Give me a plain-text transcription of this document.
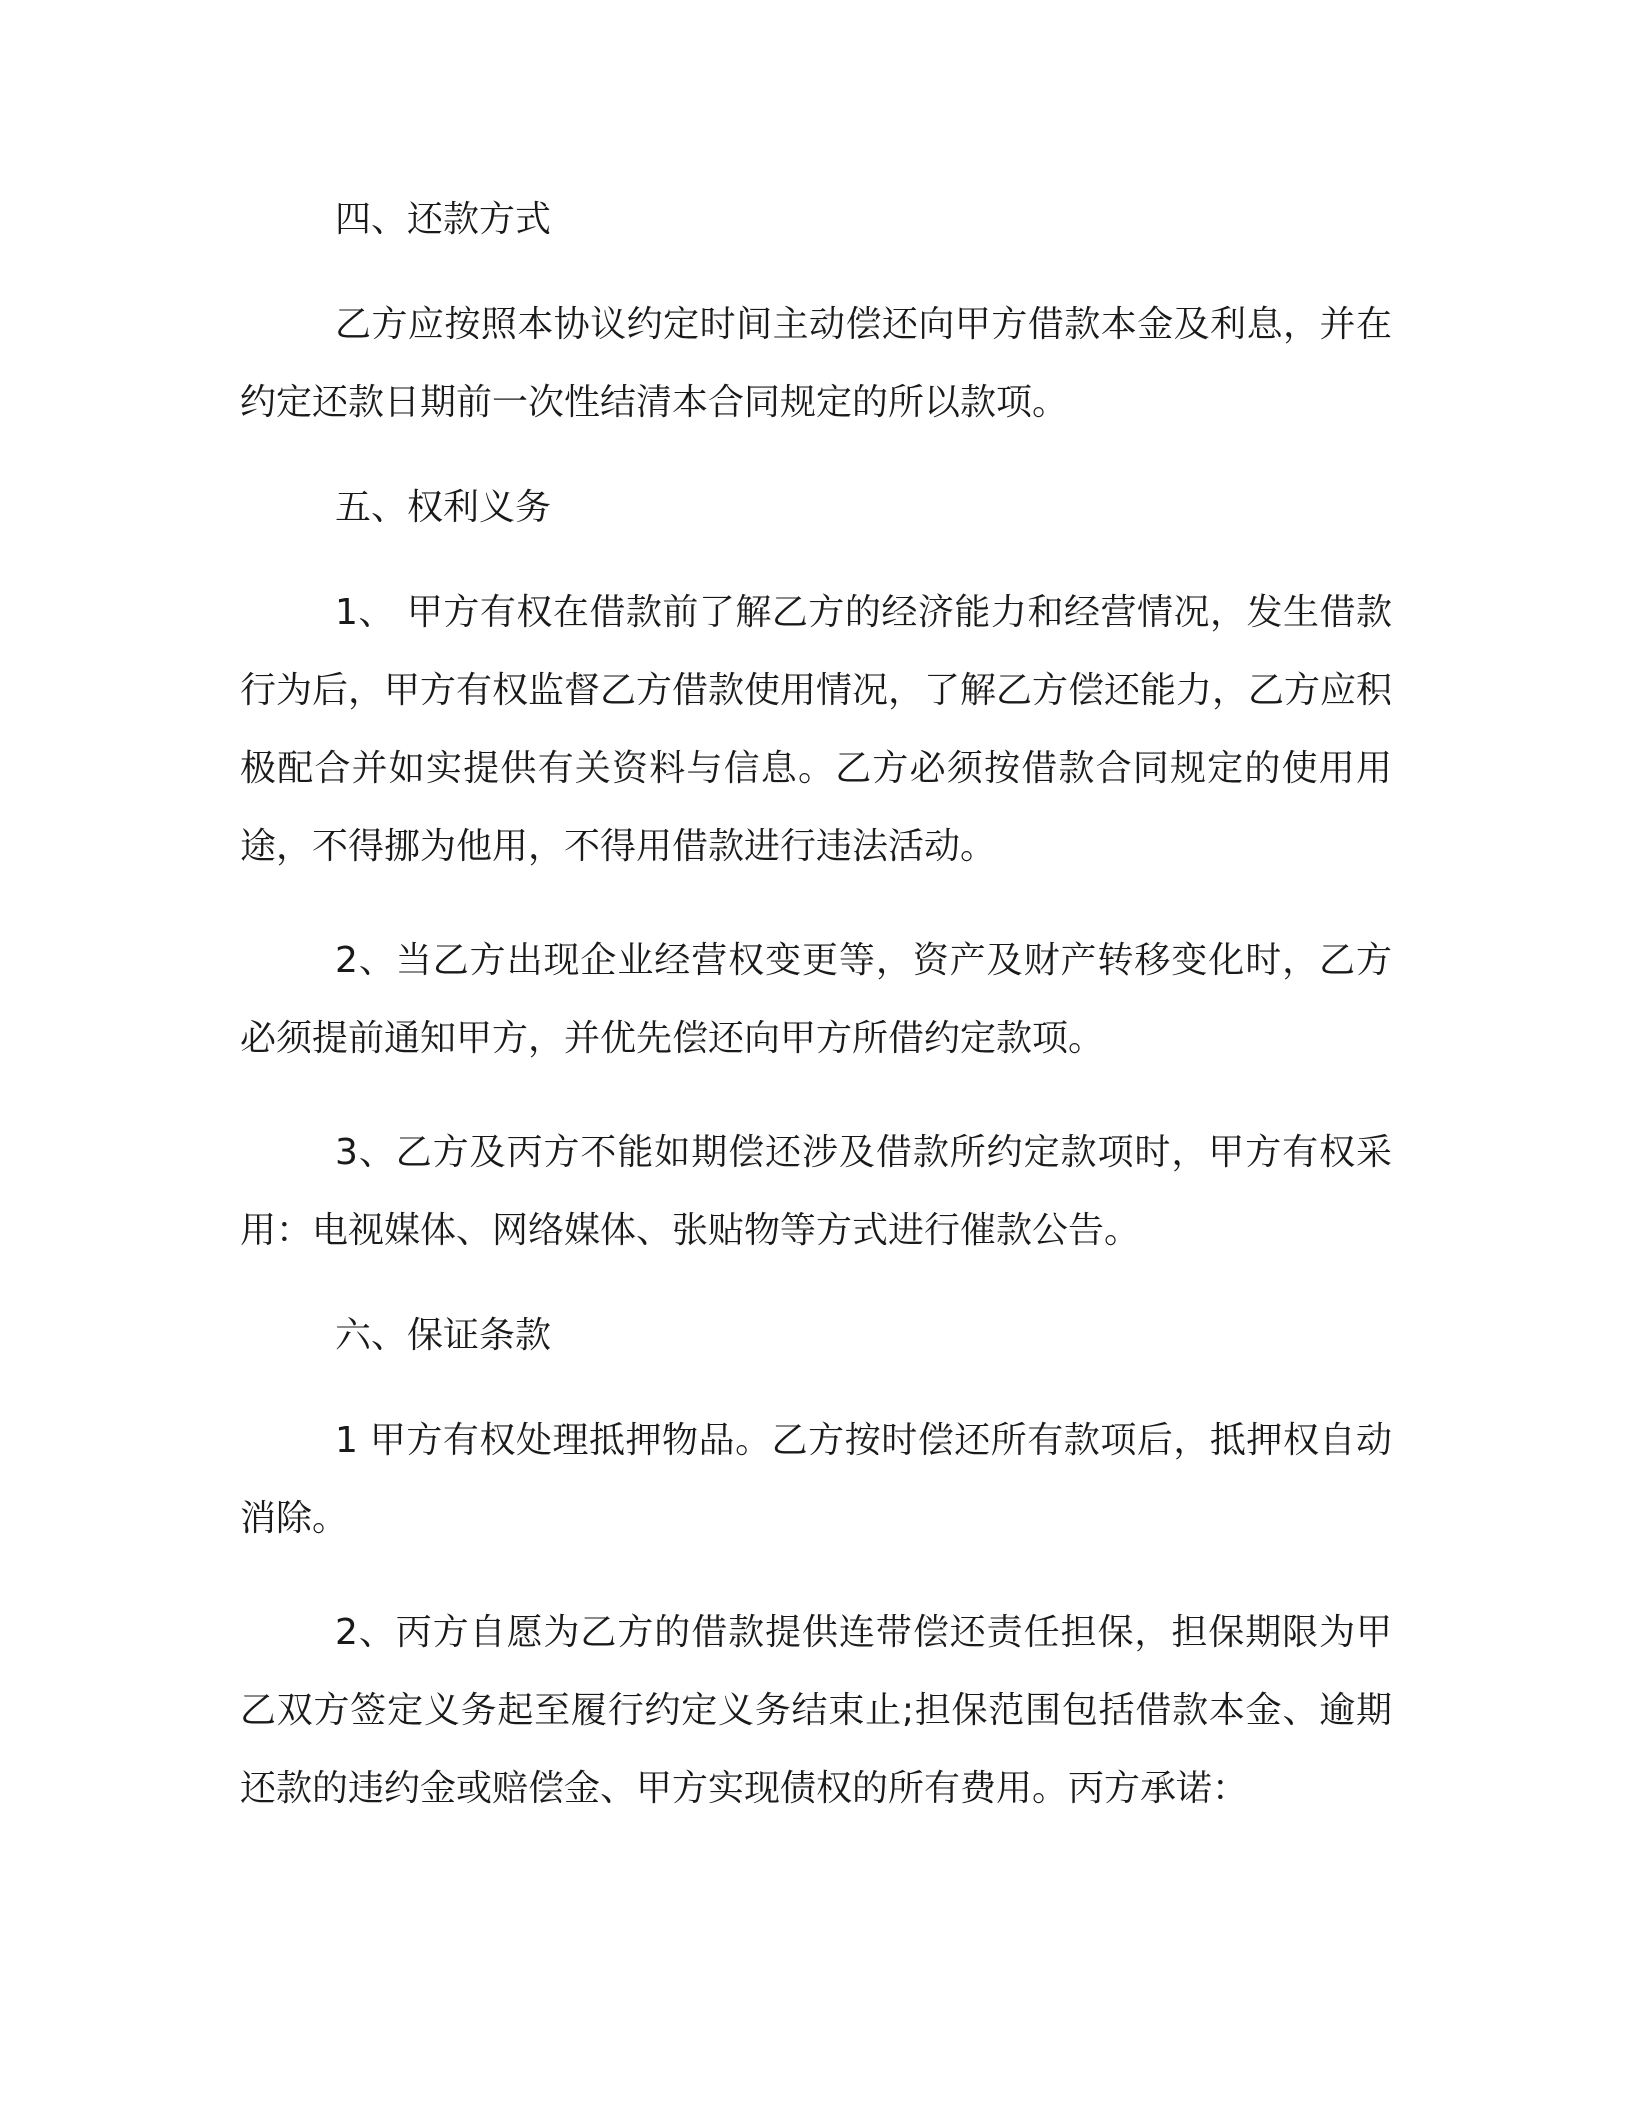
四、还款方式

乙方应按照本协议约定时间主动偿还向甲方借款本金及利息，并在约定还款日期前一次性结清本合同规定的所以款项。

五、权利义务

1、 甲方有权在借款前了解乙方的经济能力和经营情况，发生借款行为后，甲方有权监督乙方借款使用情况，了解乙方偿还能力，乙方应积极配合并如实提供有关资料与信息。乙方必须按借款合同规定的使用用途，不得挪为他用，不得用借款进行违法活动。

2、当乙方出现企业经营权变更等，资产及财产转移变化时，乙方必须提前通知甲方，并优先偿还向甲方所借约定款项。

3、乙方及丙方不能如期偿还涉及借款所约定款项时，甲方有权采用：电视媒体、网络媒体、张贴物等方式进行催款公告。

六、保证条款

1 甲方有权处理抵押物品。乙方按时偿还所有款项后，抵押权自动消除。

2、丙方自愿为乙方的借款提供连带偿还责任担保，担保期限为甲乙双方签定义务起至履行约定义务结束止;担保范围包括借款本金、逾期还款的违约金或赔偿金、甲方实现债权的所有费用。丙方承诺：
